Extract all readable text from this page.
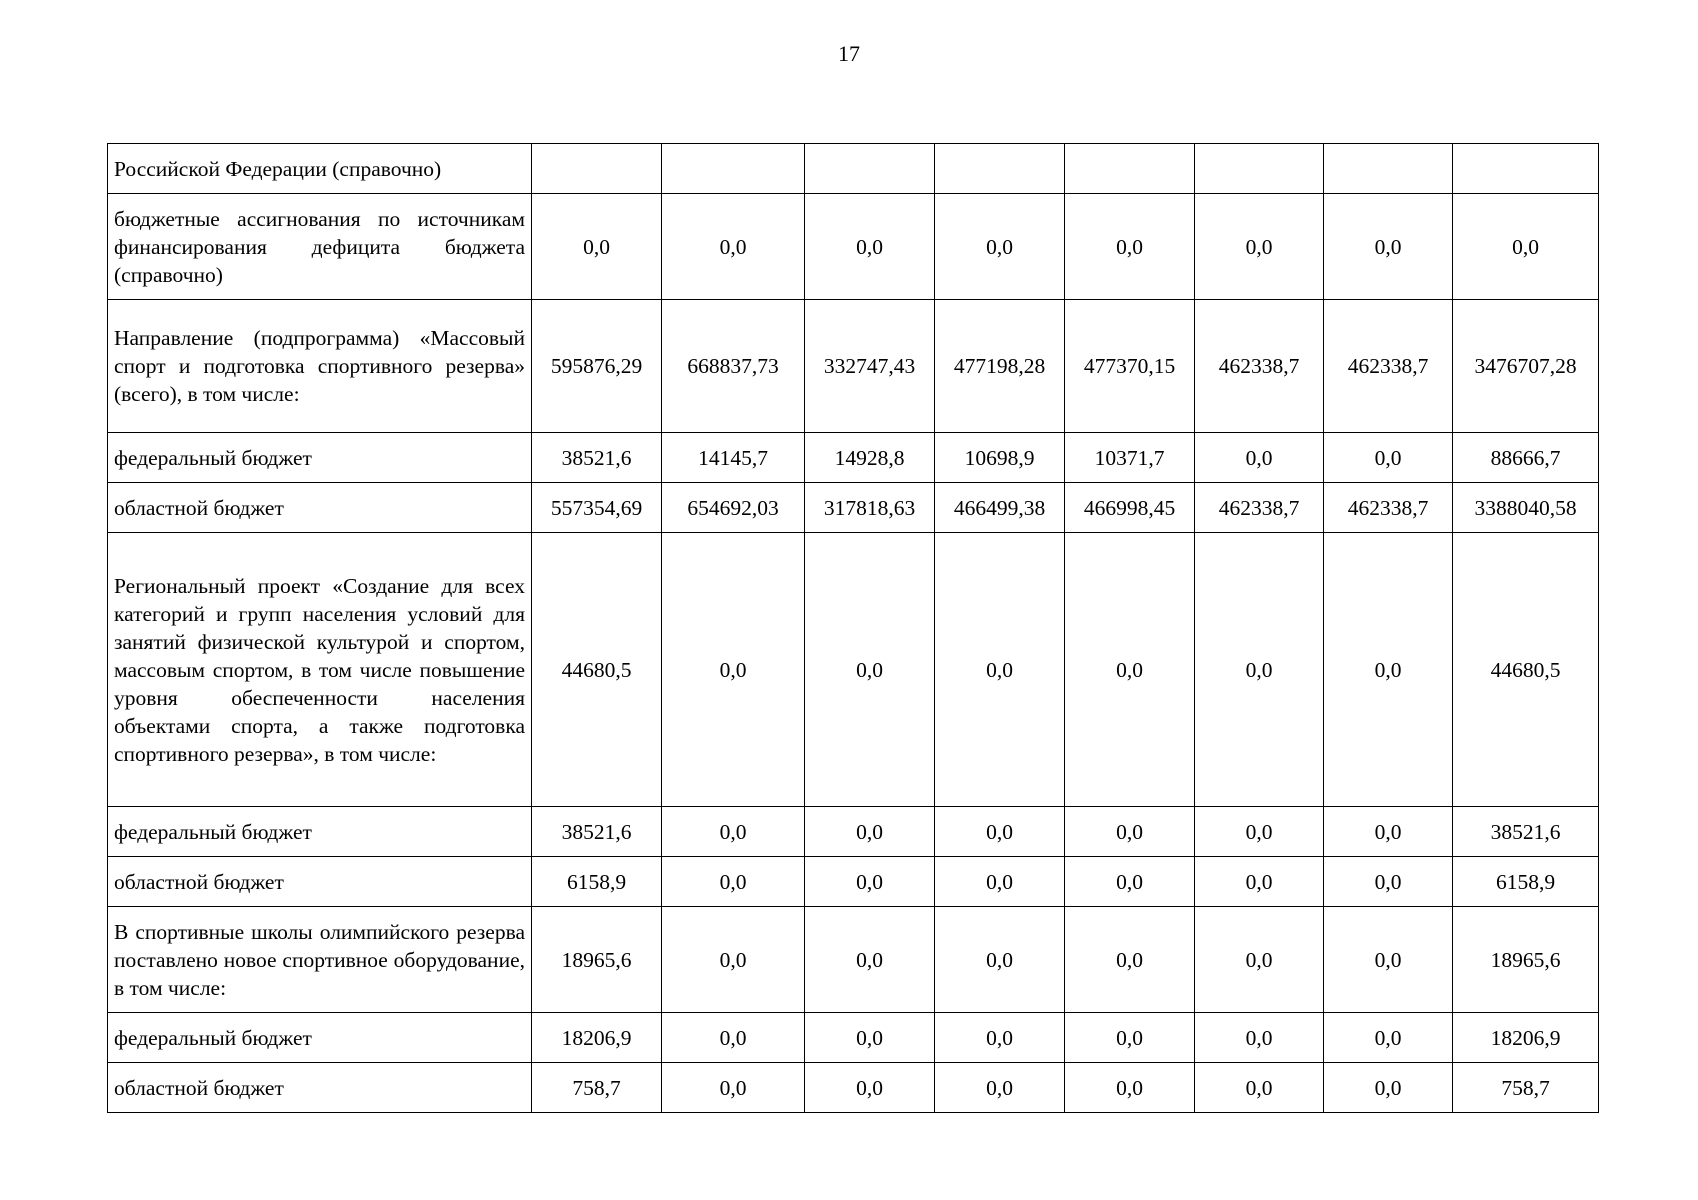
17
Российской Федерации (справочно)								
бюджетные ассигнования по источникам финансирования дефицита бюджета (справочно)	0,0	0,0	0,0	0,0	0,0	0,0	0,0	0,0
Направление (подпрограмма) «Массовый спорт и подготовка спортивного резерва» (всего), в том числе:	595876,29	668837,73	332747,43	477198,28	477370,15	462338,7	462338,7	3476707,28
федеральный бюджет	38521,6	14145,7	14928,8	10698,9	10371,7	0,0	0,0	88666,7
областной бюджет	557354,69	654692,03	317818,63	466499,38	466998,45	462338,7	462338,7	3388040,58
Региональный проект «Создание для всех категорий и групп населения условий для занятий физической культурой и спортом, массовым спортом, в том числе повышение уровня обеспеченности населения объектами спорта, а также подготовка спортивного резерва», в том числе:	44680,5	0,0	0,0	0,0	0,0	0,0	0,0	44680,5
федеральный бюджет	38521,6	0,0	0,0	0,0	0,0	0,0	0,0	38521,6
областной бюджет	6158,9	0,0	0,0	0,0	0,0	0,0	0,0	6158,9
В спортивные школы олимпийского резерва поставлено новое спортивное оборудование, в том числе:	18965,6	0,0	0,0	0,0	0,0	0,0	0,0	18965,6
федеральный бюджет	18206,9	0,0	0,0	0,0	0,0	0,0	0,0	18206,9
областной бюджет	758,7	0,0	0,0	0,0	0,0	0,0	0,0	758,7
